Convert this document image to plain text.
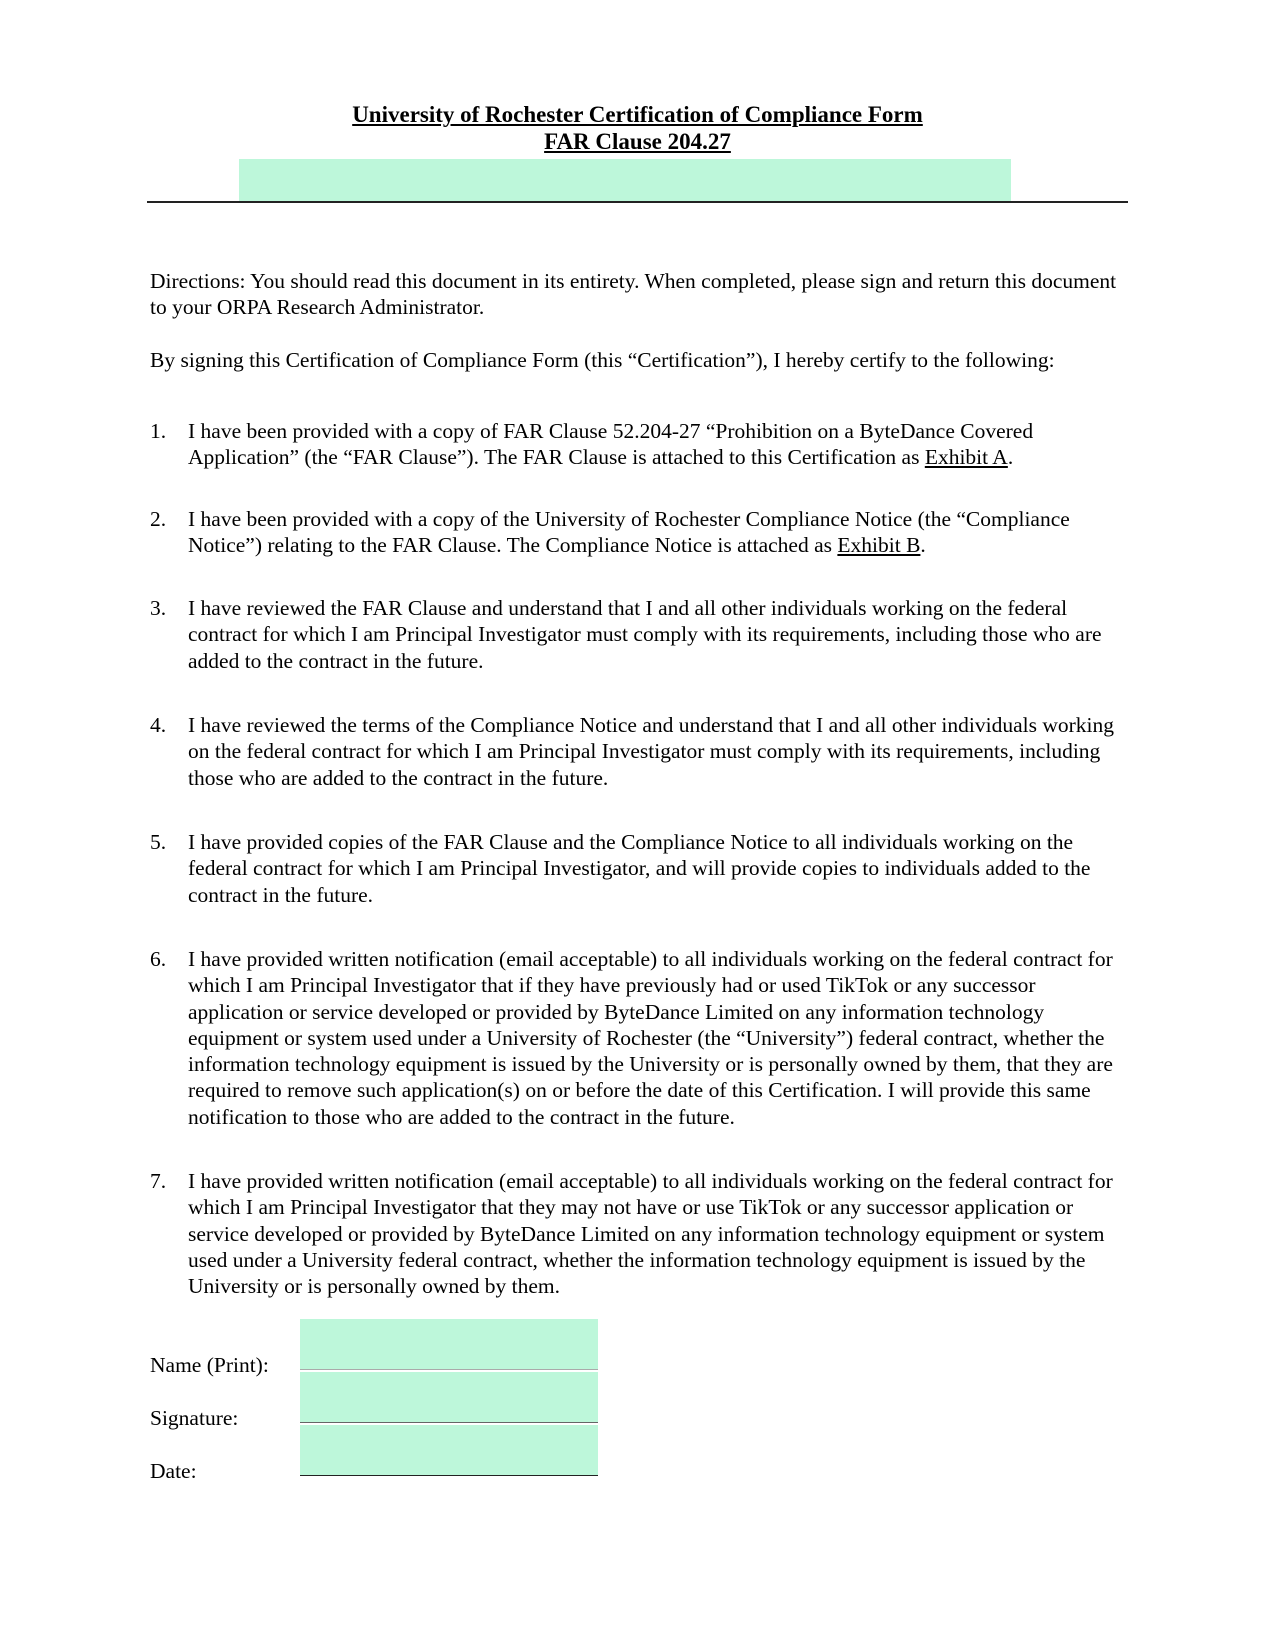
University of Rochester Certification of Compliance Form
FAR Clause 204.27
Directions: You should read this document in its entirety. When completed, please sign and return this document to your ORPA Research Administrator.
By signing this Certification of Compliance Form (this “Certification”), I hereby certify to the following:
1.	I have been provided with a copy of FAR Clause 52.204-27 “Prohibition on a ByteDance Covered Application” (the “FAR Clause”). The FAR Clause is attached to this Certification as Exhibit A.
2.	I have been provided with a copy of the University of Rochester Compliance Notice (the “Compliance Notice”) relating to the FAR Clause. The Compliance Notice is attached as Exhibit B.
3.	I have reviewed the FAR Clause and understand that I and all other individuals working on the federal contract for which I am Principal Investigator must comply with its requirements, including those who are added to the contract in the future.
4.	I have reviewed the terms of the Compliance Notice and understand that I and all other individuals working on the federal contract for which I am Principal Investigator must comply with its requirements, including those who are added to the contract in the future.
5.	I have provided copies of the FAR Clause and the Compliance Notice to all individuals working on the federal contract for which I am Principal Investigator, and will provide copies to individuals added to the contract in the future.
6.	I have provided written notification (email acceptable) to all individuals working on the federal contract for which I am Principal Investigator that if they have previously had or used TikTok or any successor application or service developed or provided by ByteDance Limited on any information technology equipment or system used under a University of Rochester (the “University”) federal contract, whether the information technology equipment is issued by the University or is personally owned by them, that they are required to remove such application(s) on or before the date of this Certification. I will provide this same notification to those who are added to the contract in the future.
7.	I have provided written notification (email acceptable) to all individuals working on the federal contract for which I am Principal Investigator that they may not have or use TikTok or any successor application or service developed or provided by ByteDance Limited on any information technology equipment or system used under a University federal contract, whether the information technology equipment is issued by the University or is personally owned by them.
Name (Print):
Signature:
Date:
